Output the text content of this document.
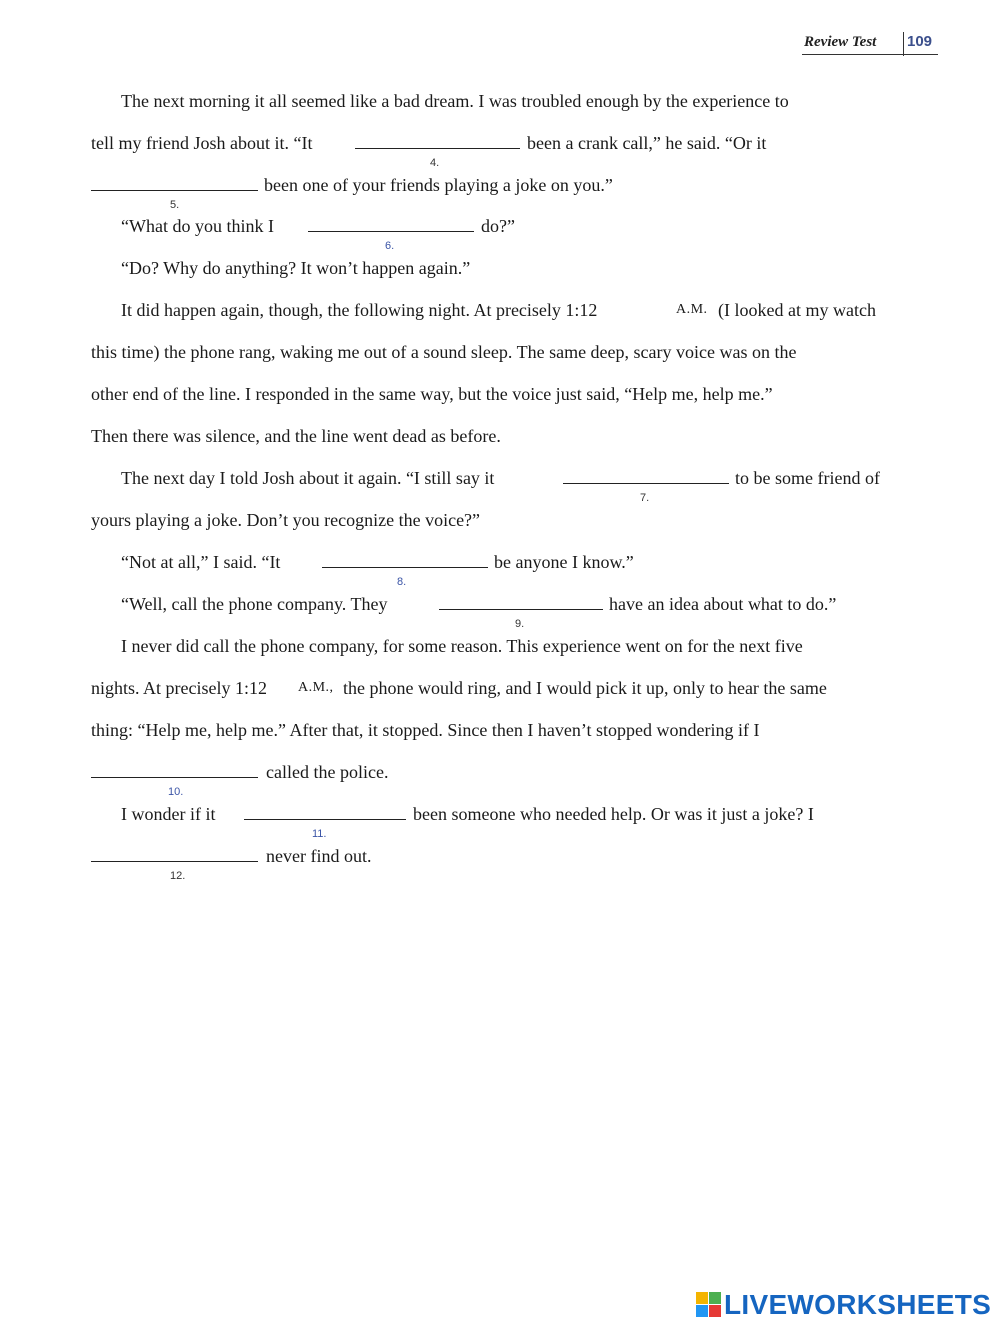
Review Test 109
The next morning it all seemed like a bad dream. I was troubled enough by the experience to
tell my friend Josh about it. “It
4.
been a crank call,” he said. “Or it
5.
been one of your friends playing a joke on you.”
“What do you think I
6.
do?”
“Do? Why do anything? It won’t happen again.”
It did happen again, though, the following night. At precisely 1:12	A.M. (I looked at my watch
this time) the phone rang, waking me out of a sound sleep. The same deep, scary voice was on the
other end of the line. I responded in the same way, but the voice just said, “Help me, help me.”
Then there was silence, and the line went dead as before.
The next day I told Josh about it again. “I still say it
7.
to be some friend of
yours playing a joke. Don’t you recognize the voice?”
“Not at all,” I said. “It
8.
be anyone I know.”
“Well, call the phone company. They
9.
have an idea about what to do.”
I never did call the phone company, for some reason. This experience went on for the next five
nights. At precisely 1:12 A.M., the phone would ring, and I would pick it up, only to hear the same
thing: “Help me, help me.” After that, it stopped. Since then I haven’t stopped wondering if I
10.
called the police.
I wonder if it
11.
been someone who needed help. Or was it just a joke? I
12.
never find out.
LIVEWORKSHEETS
